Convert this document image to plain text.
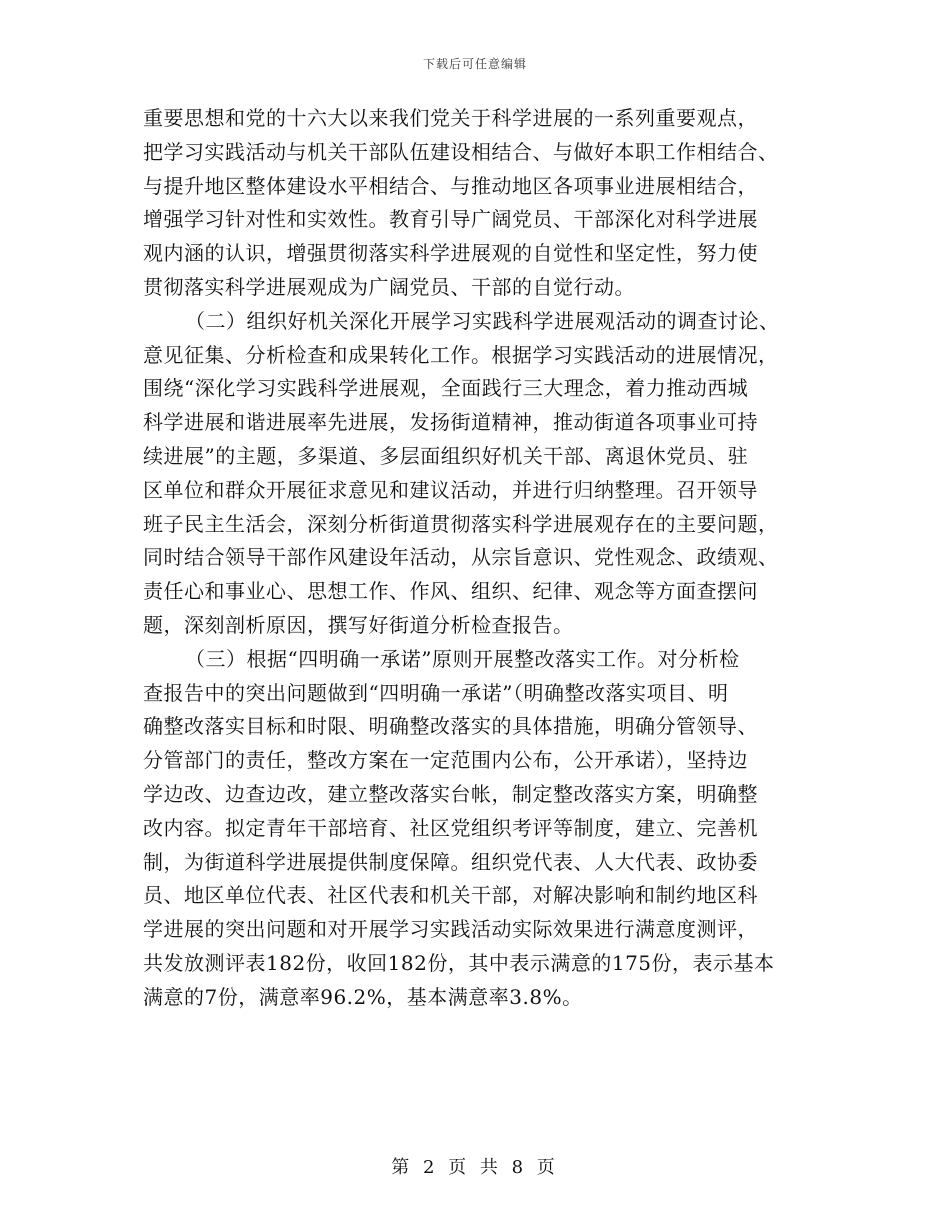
下载后可任意编辑

重要思想和党的十六大以来我们党关于科学进展的一系列重要观点，
把学习实践活动与机关干部队伍建设相结合、与做好本职工作相结合、
与提升地区整体建设水平相结合、与推动地区各项事业进展相结合，
增强学习针对性和实效性。教育引导广阔党员、干部深化对科学进展
观内涵的认识，增强贯彻落实科学进展观的自觉性和坚定性，努力使
贯彻落实科学进展观成为广阔党员、干部的自觉行动。

（二）组织好机关深化开展学习实践科学进展观活动的调查讨论、
意见征集、分析检查和成果转化工作。根据学习实践活动的进展情况，
围绕“深化学习实践科学进展观，全面践行三大理念，着力推动西城
科学进展和谐进展率先进展，发扬街道精神，推动街道各项事业可持
续进展”的主题，多渠道、多层面组织好机关干部、离退休党员、驻
区单位和群众开展征求意见和建议活动，并进行归纳整理。召开领导
班子民主生活会，深刻分析街道贯彻落实科学进展观存在的主要问题，
同时结合领导干部作风建设年活动，从宗旨意识、党性观念、政绩观、
责任心和事业心、思想工作、作风、组织、纪律、观念等方面查摆问
题，深刻剖析原因，撰写好街道分析检查报告。

（三）根据“四明确一承诺”原则开展整改落实工作。对分析检
查报告中的突出问题做到“四明确一承诺”（明确整改落实项目、明
确整改落实目标和时限、明确整改落实的具体措施，明确分管领导、
分管部门的责任，整改方案在一定范围内公布，公开承诺），坚持边
学边改、边查边改，建立整改落实台帐，制定整改落实方案，明确整
改内容。拟定青年干部培育、社区党组织考评等制度，建立、完善机
制，为街道科学进展提供制度保障。组织党代表、人大代表、政协委
员、地区单位代表、社区代表和机关干部，对解决影响和制约地区科
学进展的突出问题和对开展学习实践活动实际效果进行满意度测评，
共发放测评表182份，收回182份，其中表示满意的175份，表示基本
满意的7份，满意率96.2%，基本满意率3.8%。

第 2 页 共 8 页
